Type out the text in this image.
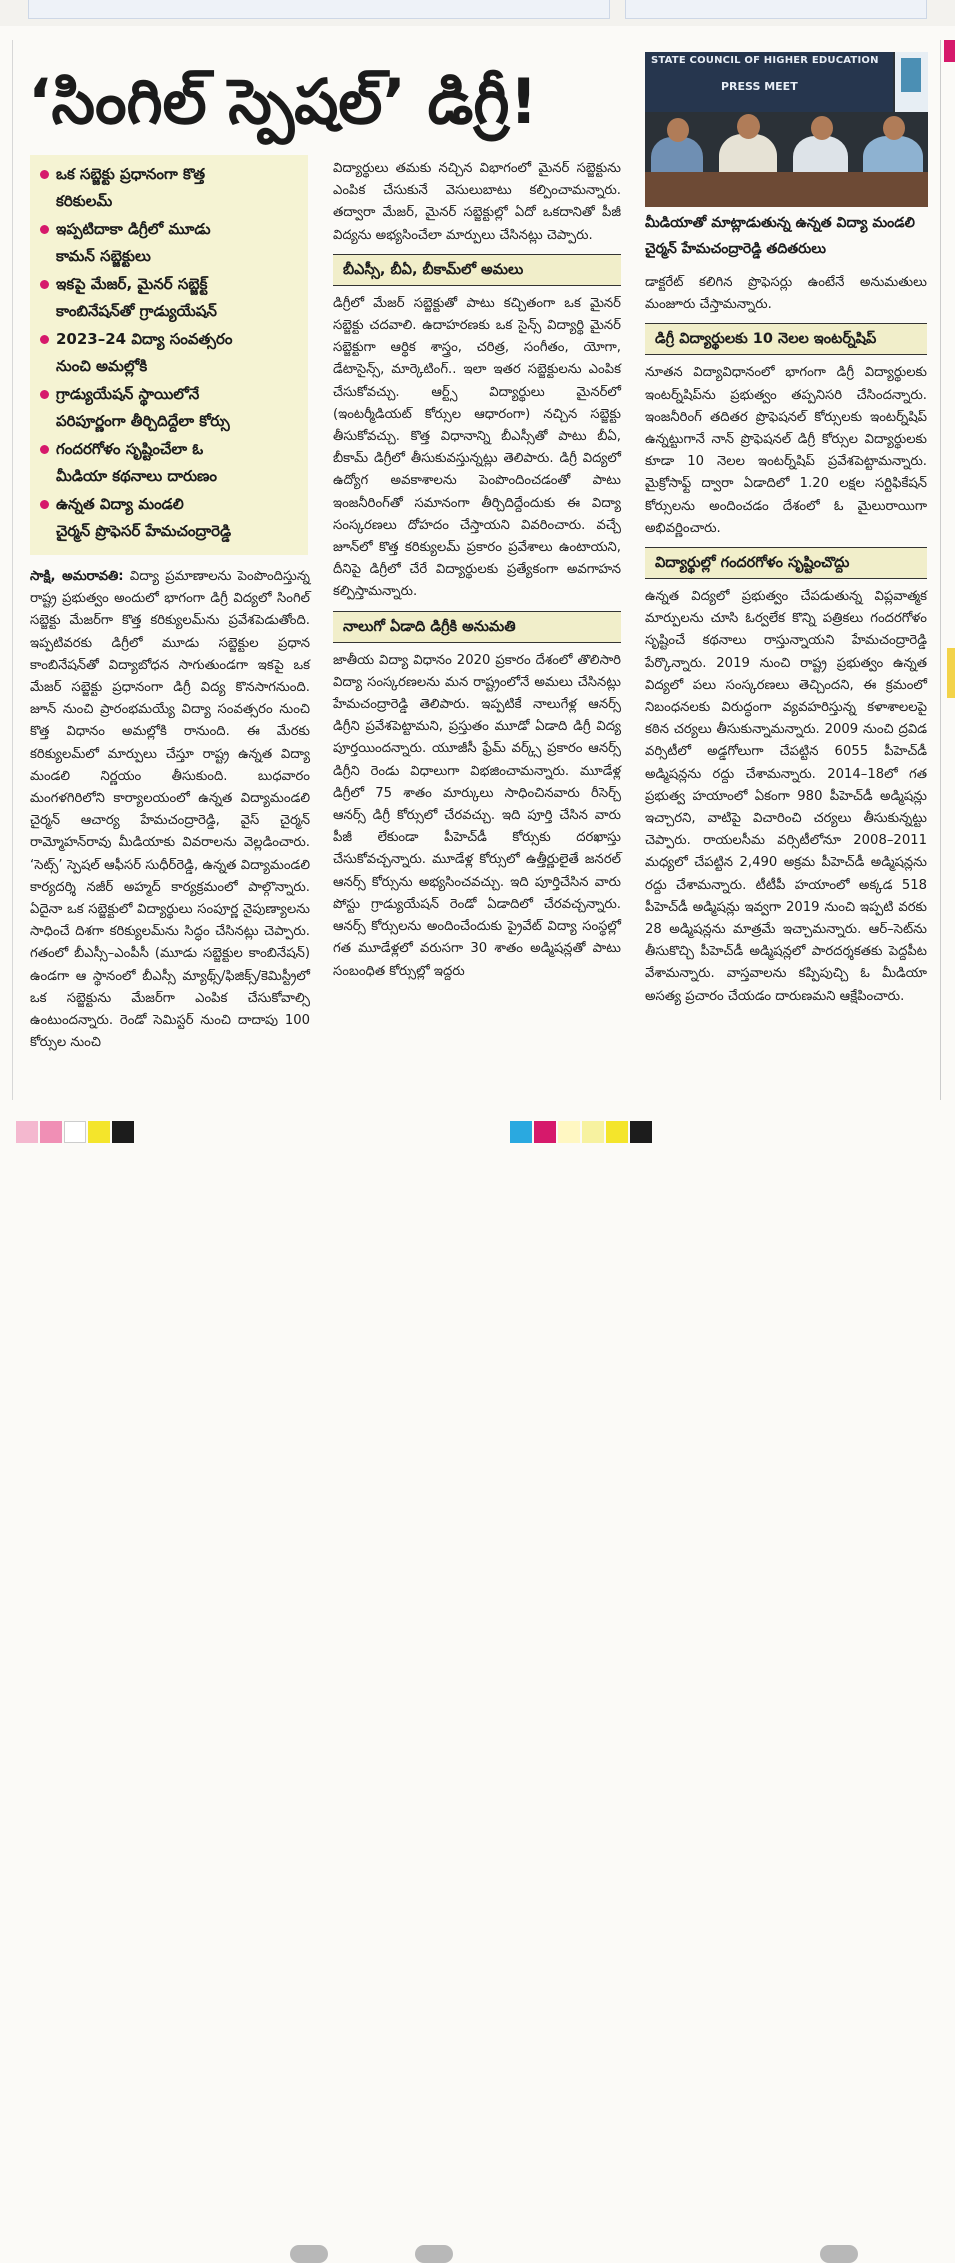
‘సింగిల్ స్పెషల్’ డిగ్రీ!
ఒక సబ్జెక్టు ప్రధానంగా కొత్త
కరికులమ్
ఇప్పటిదాకా డిగ్రీలో మూడు
కామన్ సబ్జెక్టులు
ఇకపై మేజర్, మైనర్ సబ్జెక్ట్
కాంబినేషన్‌తో గ్రాడ్యుయేషన్
2023–24 విద్యా సంవత్సరం
నుంచి అమల్లోకి
గ్రాడ్యుయేషన్ స్థాయిలోనే
పరిపూర్ణంగా తీర్చిదిద్దేలా కోర్సు
గందరగోళం సృష్టించేలా ఓ
మీడియా కథనాలు దారుణం
ఉన్నత విద్యా మండలి
చైర్మన్ ప్రొఫెసర్ హేమచంద్రారెడ్డి

సాక్షి, అమరావతి: విద్యా ప్రమాణాలను పెంపొందిస్తున్న రాష్ట్ర ప్రభుత్వం అందులో భాగంగా డిగ్రీ విద్యలో సింగిల్ సబ్జెక్టు మేజర్‌గా కొత్త కరిక్యులమ్‌ను ప్రవేశపెడుతోంది. ఇప్పటివరకు డిగ్రీలో మూడు సబ్జెక్టుల ప్రధాన కాంబినేషన్‌తో విద్యాబోధన సాగుతుండగా ఇకపై ఒక మేజర్ సబ్జెక్టు ప్రధానంగా డిగ్రీ విద్య కొనసాగనుంది. జూన్ నుంచి ప్రారంభమయ్యే విద్యా సంవత్సరం నుంచి కొత్త విధానం అమల్లోకి రానుంది. ఈ మేరకు కరిక్యులమ్‌లో మార్పులు చేస్తూ రాష్ట్ర ఉన్నత విద్యా మండలి నిర్ణయం తీసుకుంది. బుధవారం మంగళగిరిలోని కార్యాలయంలో ఉన్నత విద్యామండలి చైర్మన్ ఆచార్య హేమచంద్రారెడ్డి, వైస్ చైర్మన్ రామ్మోహన్‌రావు మీడియాకు వివరాలను వెల్లడించారు. ‘సెట్స్’ స్పెషల్ ఆఫీసర్ సుధీర్‌రెడ్డి, ఉన్నత విద్యామండలి కార్యదర్శి నజీర్ అహ్మద్ కార్యక్రమంలో పాల్గొన్నారు. ఏదైనా ఒక సబ్జెక్టులో విద్యార్థులు సంపూర్ణ నైపుణ్యాలను సాధించే దిశగా కరిక్యులమ్‌ను సిద్ధం చేసినట్లు చెప్పారు. గతంలో బీఎస్సీ–ఎంపీసీ (మూడు సబ్జెక్టుల కాంబినేషన్) ఉండగా ఆ స్థానంలో బీఎస్సీ మ్యాథ్స్/ఫిజిక్స్/కెమిస్ట్రీలో ఒక సబ్జెక్టును మేజర్‌గా ఎంపిక చేసుకోవాల్సి ఉంటుందన్నారు. రెండో సెమిస్టర్ నుంచి దాదాపు 100 కోర్సుల నుంచి

విద్యార్థులు తమకు నచ్చిన విభాగంలో మైనర్ సబ్జెక్టును ఎంపిక చేసుకునే వెసులుబాటు కల్పించామన్నారు. తద్వారా మేజర్, మైనర్ సబ్జెక్టుల్లో ఏదో ఒకదానితో పీజీ విద్యను అభ్యసించేలా మార్పులు చేసినట్లు చెప్పారు.

బీఎస్సీ, బీఏ, బీకామ్‌లో అమలు

డిగ్రీలో మేజర్ సబ్జెక్టుతో పాటు కచ్చితంగా ఒక మైనర్ సబ్జెక్టు చదవాలి. ఉదాహరణకు ఒక సైన్స్ విద్యార్థి మైనర్ సబ్జెక్టుగా ఆర్థిక శాస్త్రం, చరిత్ర, సంగీతం, యోగా, డేటాసైన్స్, మార్కెటింగ్.. ఇలా ఇతర సబ్జెక్టులను ఎంపిక చేసుకోవచ్చు. ఆర్ట్స్ విద్యార్థులు మైనర్‌లో (ఇంటర్మీడియట్ కోర్సుల ఆధారంగా) నచ్చిన సబ్జెక్టు తీసుకోవచ్చు. కొత్త విధానాన్ని బీఎస్సీతో పాటు బీఏ, బీకామ్ డిగ్రీలో తీసుకువస్తున్నట్లు తెలిపారు. డిగ్రీ విద్యలో ఉద్యోగ అవకాశాలను పెంపొందించడంతో పాటు ఇంజనీరింగ్‌తో సమానంగా తీర్చిదిద్దేందుకు ఈ విద్యా సంస్కరణలు దోహదం చేస్తాయని వివరించారు. వచ్చే జూన్‌లో కొత్త కరిక్యులమ్ ప్రకారం ప్రవేశాలు ఉంటాయని, దీనిపై డిగ్రీలో చేరే విద్యార్థులకు ప్రత్యేకంగా అవగాహన కల్పిస్తామన్నారు.

నాలుగో ఏడాది డిగ్రీకి అనుమతి

జాతీయ విద్యా విధానం 2020 ప్రకారం దేశంలో తొలిసారి విద్యా సంస్కరణలను మన రాష్ట్రంలోనే అమలు చేసినట్లు హేమచంద్రారెడ్డి తెలిపారు. ఇప్పటికే నాలుగేళ్ల ఆనర్స్ డిగ్రీని ప్రవేశపెట్టామని, ప్రస్తుతం మూడో ఏడాది డిగ్రీ విద్య పూర్తయిందన్నారు. యూజీసీ ఫ్రేమ్ వర్క్స్ ప్రకారం ఆనర్స్ డిగ్రీని రెండు విధాలుగా విభజించామన్నారు. మూడేళ్ల డిగ్రీలో 75 శాతం మార్కులు సాధించినవారు రీసెర్చ్ ఆనర్స్ డిగ్రీ కోర్సులో చేరవచ్చు. ఇది పూర్తి చేసిన వారు పీజీ లేకుండా పీహెచ్‌డీ కోర్సుకు దరఖాస్తు చేసుకోవచ్చన్నారు. మూడేళ్ల కోర్సులో ఉత్తీర్ణులైతే జనరల్ ఆనర్స్ కోర్సును అభ్యసించవచ్చు. ఇది పూర్తిచేసిన వారు పోస్టు గ్రాడ్యుయేషన్ రెండో ఏడాదిలో చేరవచ్చన్నారు. ఆనర్స్ కోర్సులను అందించేందుకు ప్రైవేట్ విద్యా సంస్థల్లో గత మూడేళ్లలో వరుసగా 30 శాతం అడ్మిషన్లతో పాటు సంబంధిత కోర్సుల్లో ఇద్దరు

STATE COUNCIL OF HIGHER EDUCATION
PRESS MEET
మీడియాతో మాట్లాడుతున్న ఉన్నత విద్యా మండలి చైర్మన్ హేమచంద్రారెడ్డి తదితరులు

డాక్టరేట్ కలిగిన ప్రొఫెసర్లు ఉంటేనే అనుమతులు మంజూరు చేస్తామన్నారు.

డిగ్రీ విద్యార్థులకు 10 నెలల ఇంటర్న్‌షిప్

నూతన విద్యావిధానంలో భాగంగా డిగ్రీ విద్యార్థులకు ఇంటర్న్‌షిప్‌ను ప్రభుత్వం తప్పనిసరి చేసిందన్నారు. ఇంజనీరింగ్ తదితర ప్రొఫెషనల్ కోర్సులకు ఇంటర్న్‌షిప్ ఉన్నట్టుగానే నాన్ ప్రొఫెషనల్ డిగ్రీ కోర్సుల విద్యార్థులకు కూడా 10 నెలల ఇంటర్న్‌షిప్ ప్రవేశపెట్టామన్నారు. మైక్రోసాఫ్ట్ ద్వారా ఏడాదిలో 1.20 లక్షల సర్టిఫికేషన్ కోర్సులను అందించడం దేశంలో ఓ మైలురాయిగా అభివర్ణించారు.

విద్యార్థుల్లో గందరగోళం సృష్టించొద్దు

ఉన్నత విద్యలో ప్రభుత్వం చేపడుతున్న విప్లవాత్మక మార్పులను చూసి ఓర్వలేక కొన్ని పత్రికలు గందరగోళం సృష్టించే కథనాలు రాస్తున్నాయని హేమచంద్రారెడ్డి పేర్కొన్నారు. 2019 నుంచి రాష్ట్ర ప్రభుత్వం ఉన్నత విద్యలో పలు సంస్కరణలు తెచ్చిందని, ఈ క్రమంలో నిబంధనలకు విరుద్ధంగా వ్యవహరిస్తున్న కళాశాలలపై కఠిన చర్యలు తీసుకున్నామన్నారు. 2009 నుంచి ద్రవిడ వర్సిటీలో అడ్డగోలుగా చేపట్టిన 6055 పీహెచ్‌డీ అడ్మిషన్లను రద్దు చేశామన్నారు. 2014–18లో గత ప్రభుత్వ హయాంలో ఏకంగా 980 పీహెచ్‌డీ అడ్మిషన్లు ఇచ్చారని, వాటిపై విచారించి చర్యలు తీసుకున్నట్టు చెప్పారు. రాయలసీమ వర్సిటీలోనూ 2008–2011 మధ్యలో చేపట్టిన 2,490 అక్రమ పీహెచ్‌డీ అడ్మిషన్లను రద్దు చేశామన్నారు. టీటీపీ హయాంలో అక్కడ 518 పీహెచ్‌డీ అడ్మిషన్లు ఇవ్వగా 2019 నుంచి ఇప్పటి వరకు 28 అడ్మిషన్లను మాత్రమే ఇచ్చామన్నారు. ఆర్–సెట్‌ను తీసుకొచ్చి పీహెచ్‌డీ అడ్మిషన్లలో పారదర్శకతకు పెద్దపీట వేశామన్నారు. వాస్తవాలను కప్పిపుచ్చి ఓ మీడియా అసత్య ప్రచారం చేయడం దారుణమని ఆక్షేపించారు.
